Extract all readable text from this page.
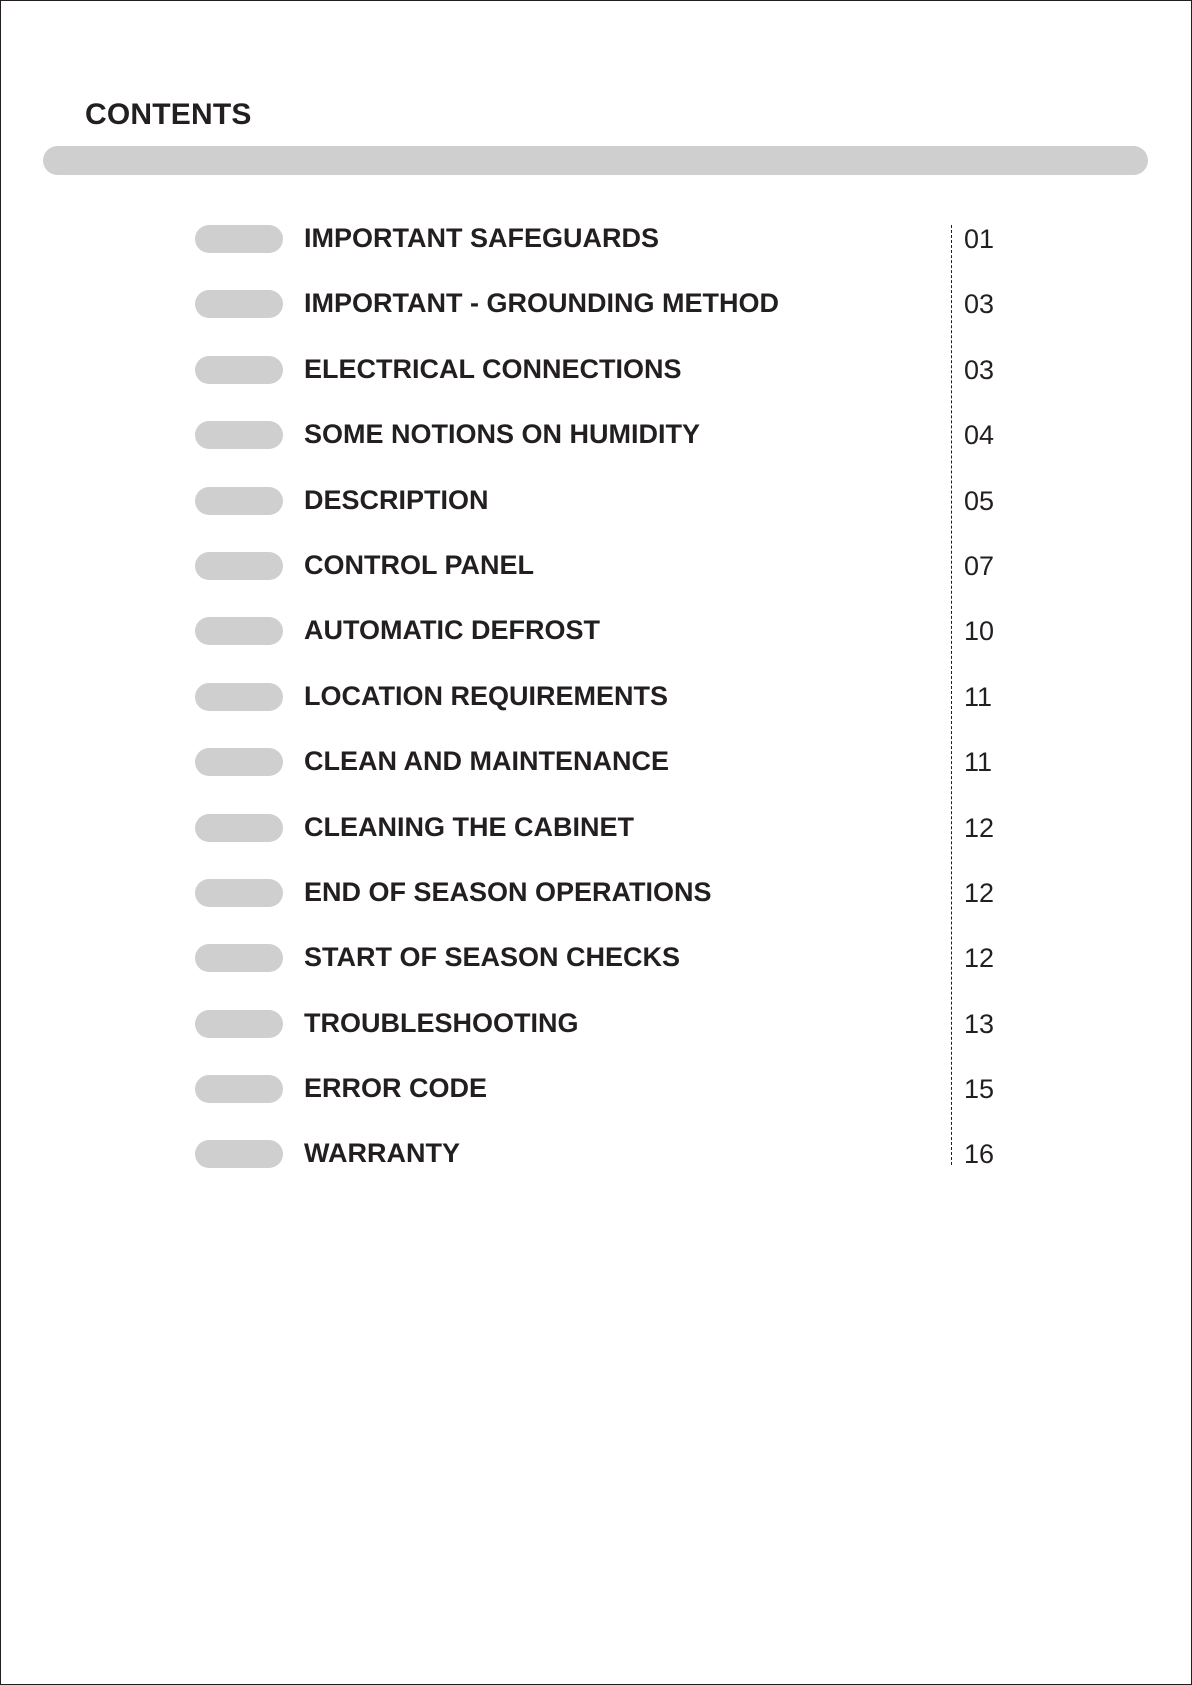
CONTENTS
IMPORTANT SAFEGUARDS	01
IMPORTANT - GROUNDING METHOD	03
ELECTRICAL CONNECTIONS	03
SOME NOTIONS ON HUMIDITY	04
DESCRIPTION	05
CONTROL PANEL	07
AUTOMATIC DEFROST	10
LOCATION REQUIREMENTS	11
CLEAN AND MAINTENANCE	11
CLEANING THE CABINET	12
END OF SEASON OPERATIONS	12
START OF SEASON CHECKS	12
TROUBLESHOOTING	13
ERROR CODE	15
WARRANTY	16
